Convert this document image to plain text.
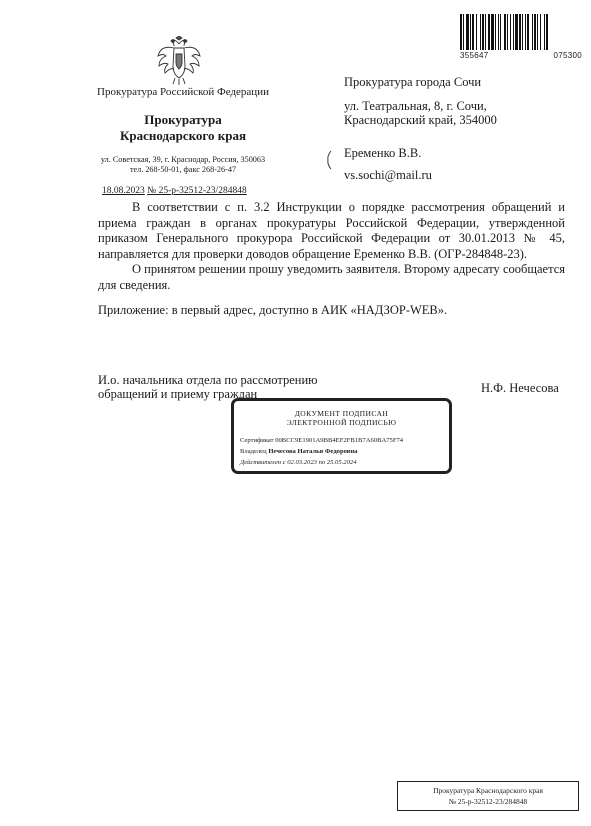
355647	075300
Прокуратура Российской Федерации
Прокуратура
Краснодарского края
ул. Советская, 39, г. Краснодар, Россия, 350063
тел. 268-50-01, факс 268-26-47
18.08.2023 № 25-р-32512-23/284848
Прокуратура города Сочи
ул. Театральная, 8, г. Сочи,
Краснодарский край, 354000
Еременко В.В.
vs.sochi@mail.ru

В соответствии с п. 3.2 Инструкции о порядке рассмотрения обращений и приема граждан в органах прокуратуры Российской Федерации, утвержденной приказом Генерального прокурора Российской Федерации от 30.01.2013 № 45, направляется для проверки доводов обращение Еременко В.В. (ОГР-284848-23).

О принятом решении прошу уведомить заявителя. Второму адресату сообщается для сведения.

Приложение: в первый адрес, доступно в АИК «НАДЗОР-WEB».

И.о. начальника отдела по рассмотрению
обращений и приему граждан	Н.Ф. Нечесова
ДОКУМЕНТ ПОДПИСАН
ЭЛЕКТРОННОЙ ПОДПИСЬЮ
Сертификат 00BCC9E1901A9BB4EF2FB1B7A60BA75F74
Владелец Нечесова Наталья Федоровна
Действителен с 02.03.2023 по 25.05.2024
Прокуратура Краснодарского края
№ 25-р-32512-23/284848
